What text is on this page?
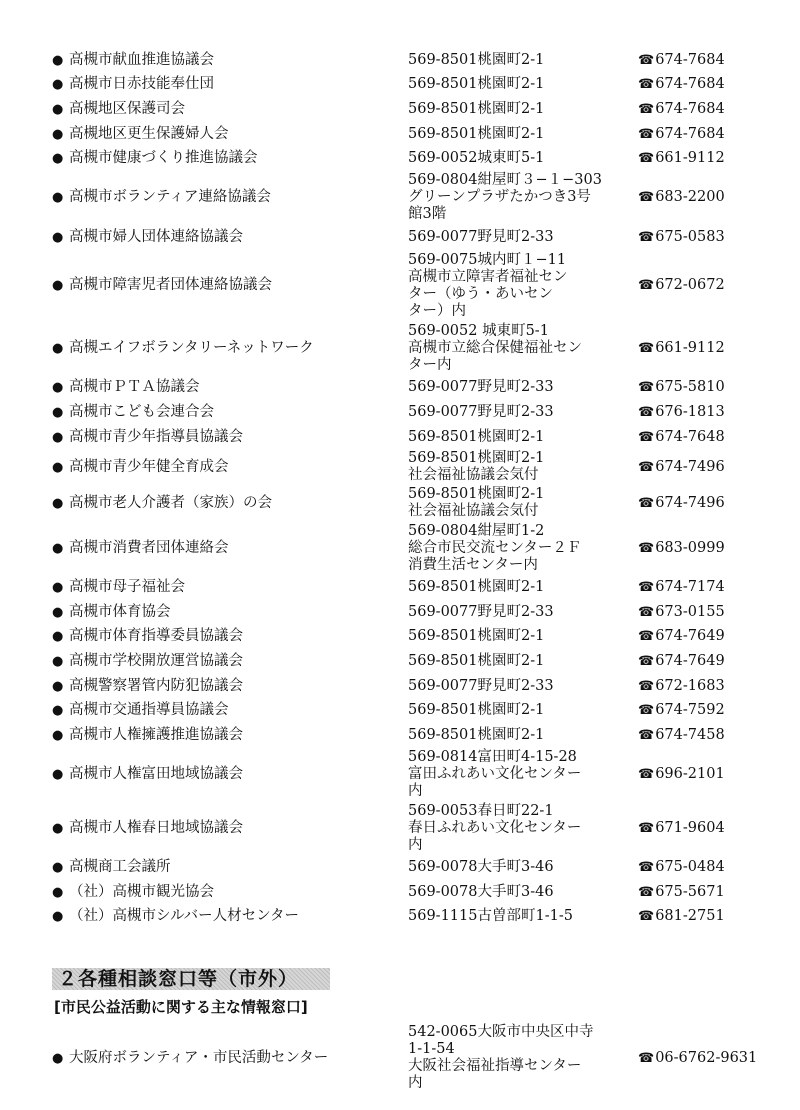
● 高槻市献血推進協議会	569-8501桃園町2-1	☎674-7684
● 高槻市日赤技能奉仕団	569-8501桃園町2-1	☎674-7684
● 高槻地区保護司会	569-8501桃園町2-1	☎674-7684
● 高槻地区更生保護婦人会	569-8501桃園町2-1	☎674-7684
● 高槻市健康づくり推進協議会	569-0052城東町5-1	☎661-9112
● 高槻市ボランティア連絡協議会	569-0804紺屋町３−１−303
グリーンプラザたかつき3号
館3階	☎683-2200
● 高槻市婦人団体連絡協議会	569-0077野見町2-33	☎675-0583
● 高槻市障害児者団体連絡協議会	569-0075城内町１−11
高槻市立障害者福祉セン
ター（ゆう・あいセン
ター）内	☎672-0672
● 高槻エイフボランタリーネットワーク	569-0052 城東町5-1
高槻市立総合保健福祉セン
ター内	☎661-9112
● 高槻市ＰＴＡ協議会	569-0077野見町2-33	☎675-5810
● 高槻市こども会連合会	569-0077野見町2-33	☎676-1813
● 高槻市青少年指導員協議会	569-8501桃園町2-1	☎674-7648
● 高槻市青少年健全育成会	569-8501桃園町2-1
社会福祉協議会気付	☎674-7496
● 高槻市老人介護者（家族）の会	569-8501桃園町2-1
社会福祉協議会気付	☎674-7496
● 高槻市消費者団体連絡会	569-0804紺屋町1-2
総合市民交流センター２Ｆ
消費生活センター内	☎683-0999
● 高槻市母子福祉会	569-8501桃園町2-1	☎674-7174
● 高槻市体育協会	569-0077野見町2-33	☎673-0155
● 高槻市体育指導委員協議会	569-8501桃園町2-1	☎674-7649
● 高槻市学校開放運営協議会	569-8501桃園町2-1	☎674-7649
● 高槻警察署管内防犯協議会	569-0077野見町2-33	☎672-1683
● 高槻市交通指導員協議会	569-8501桃園町2-1	☎674-7592
● 高槻市人権擁護推進協議会	569-8501桃園町2-1	☎674-7458
● 高槻市人権富田地域協議会	569-0814富田町4-15-28
富田ふれあい文化センター
内	☎696-2101
● 高槻市人権春日地域協議会	569-0053春日町22-1
春日ふれあい文化センター
内	☎671-9604
● 高槻商工会議所	569-0078大手町3-46	☎675-0484
● （社）高槻市観光協会	569-0078大手町3-46	☎675-5671
● （社）高槻市シルバー人材センター	569-1115古曽部町1-1-5	☎681-2751
２各種相談窓口等（市外）
[市民公益活動に関する主な情報窓口]
● 大阪府ボランティア・市民活動センター	
542-0065大阪市中央区中寺
1-1-54
大阪社会福祉指導センター
内
	☎06-6762-9631
